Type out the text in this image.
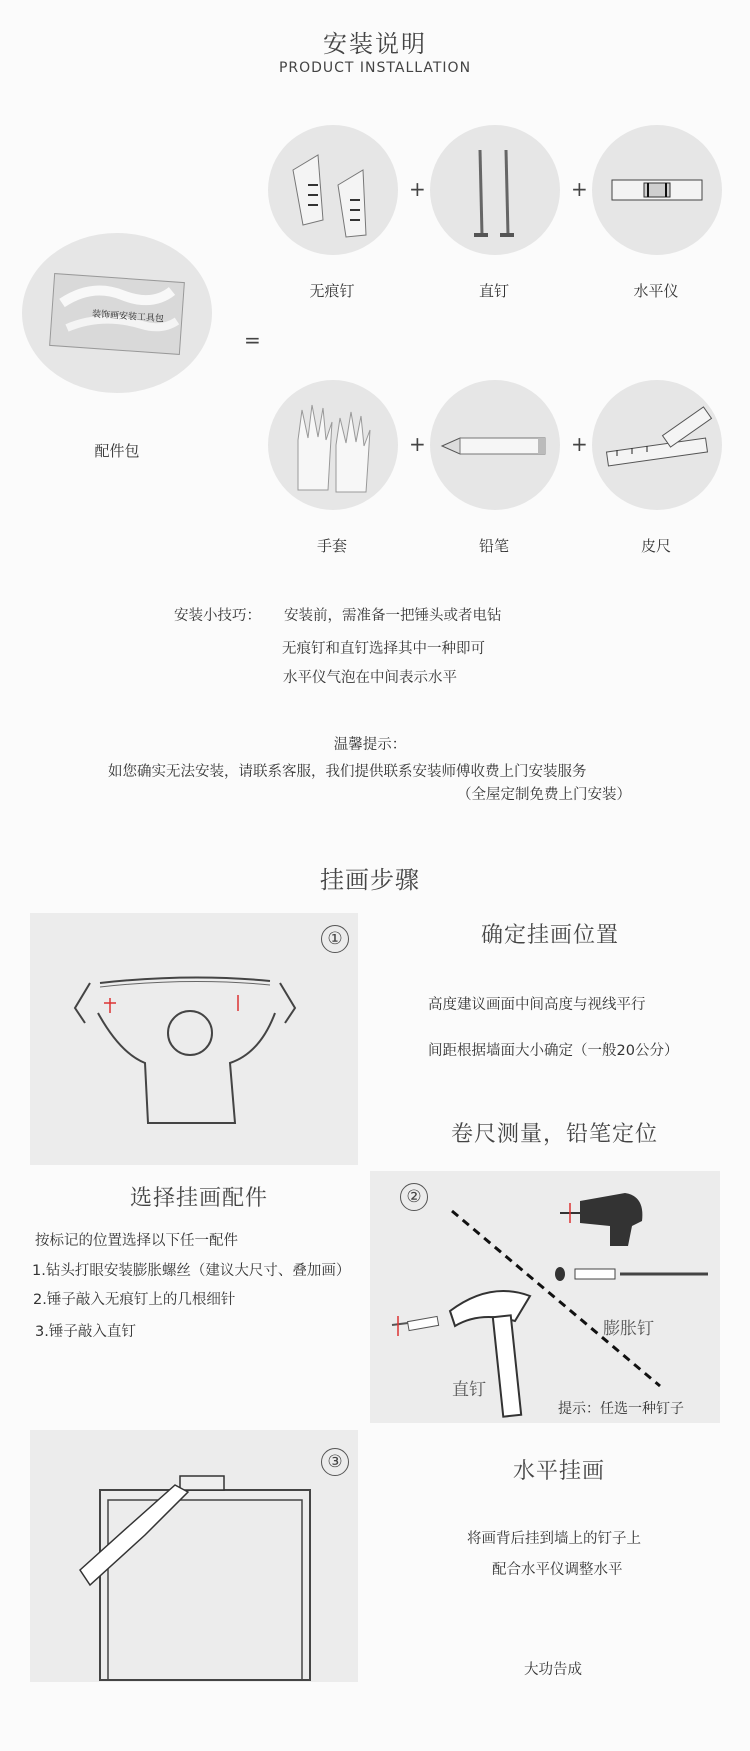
安装说明
PRODUCT INSTALLATION
装饰画安装工具包
配件包
=
+	+
无痕钉	直钉	水平仪
+	+
手套	铅笔	皮尺
安装小技巧： 安装前，需准备一把锤头或者电钻
无痕钉和直钉选择其中一种即可
水平仪气泡在中间表示水平
温馨提示：
如您确实无法安装，请联系客服，我们提供联系安装师傅收费上门安装服务
（全屋定制免费上门安装）
挂画步骤
①	确定挂画位置
高度建议画面中间高度与视线平行
间距根据墙面大小确定（一般20公分）
卷尺测量，铅笔定位
选择挂画配件
按标记的位置选择以下任一配件
1.钻头打眼安装膨胀螺丝（建议大尺寸、叠加画）
2.锤子敲入无痕钉上的几根细针
3.锤子敲入直钉
②
膨胀钉
直钉
提示：任选一种钉子
③	水平挂画
将画背后挂到墙上的钉子上
配合水平仪调整水平
大功告成
